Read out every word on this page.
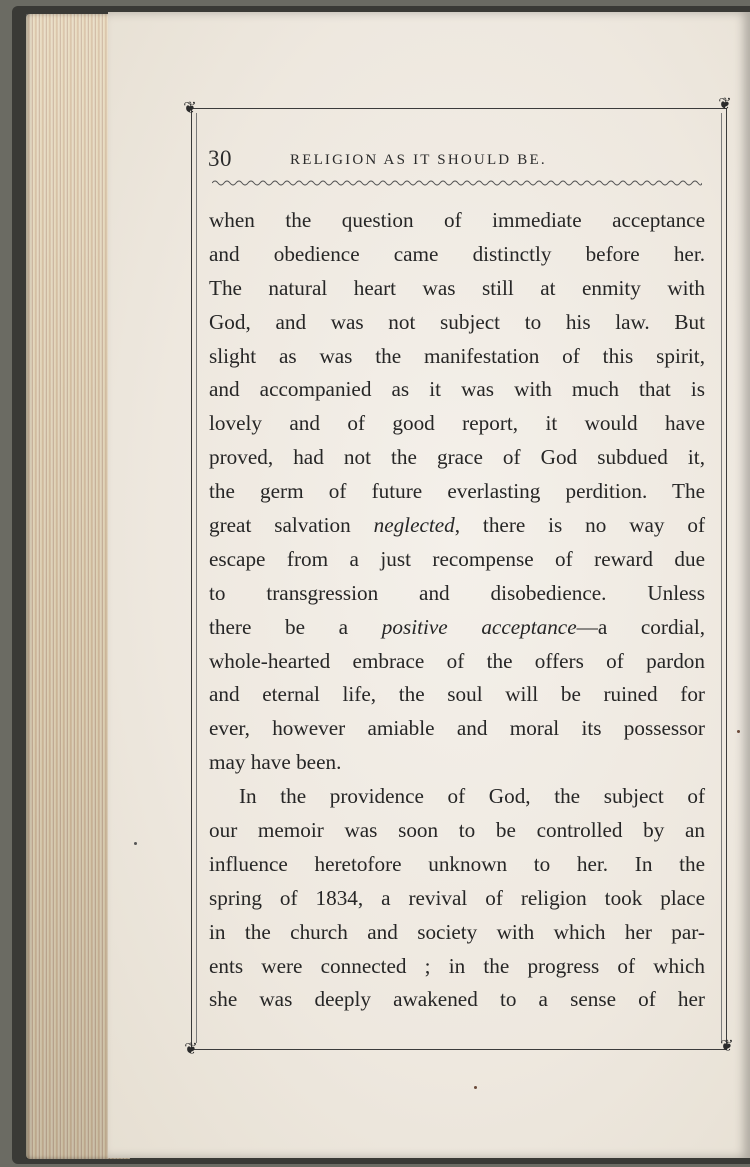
❦	❦
❦	❦
30	RELIGION AS IT SHOULD BE.
when the question of immediate acceptance
and obedience came distinctly before her.
The natural heart was still at enmity with
God, and was not subject to his law. But
slight as was the manifestation of this spirit,
and accompanied as it was with much that is
lovely and of good report, it would have
proved, had not the grace of God subdued it,
the germ of future everlasting perdition. The
great salvation neglected, there is no way of
escape from a just recompense of reward due
to transgression and disobedience. Unless
there be a positive acceptance—a cordial,
whole-hearted embrace of the offers of pardon
and eternal life, the soul will be ruined for
ever, however amiable and moral its possessor
may have been.
In the providence of God, the subject of
our memoir was soon to be controlled by an
influence heretofore unknown to her. In the
spring of 1834, a revival of religion took place
in the church and society with which her par-
ents were connected ; in the progress of which
she was deeply awakened to a sense of her
